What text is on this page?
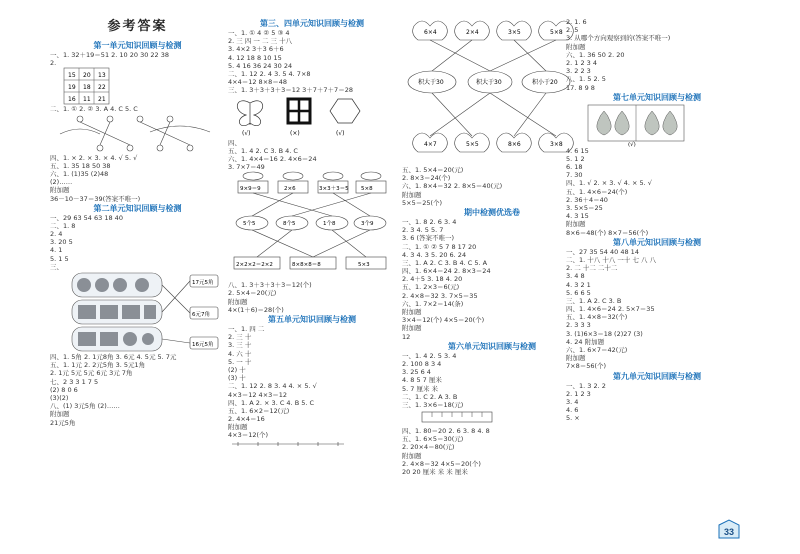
参考答案
第一单元知识回顾与检测
一、1. 32＋19＝51 2. 10 20 30 22 38
2.
15 20 13
19 18 22
16 11 21
二、1. ① 2. ② 3. A 4. C 5. C
四、1. × 2. × 3. × 4. √ 5. √
五、1. 35 18 50 38
六、1. (1)35 (2)48
(2)……
附加题
36－10－37＝39(答案不唯一)
第二单元知识回顾与检测
一、29 63 54 63 18 40
二、1. 8
2. 4
3. 20 5
4. 1
5. 1 5
三、
17元5角
6元7角
16元5角
四、1. 5角 2. 1元8角 3. 6元 4. 5元 5. 7元
五、1. 1元 2. 2元5角 3. 5元1角
2. 1元 5元 5元 6元 3元 7角
七、2 3 3 1 7 5
(2) 8 0 6
(3)(2)
八、(1) 3元5角 (2)……
附加题
21元5角
第三、四单元知识回顾与检测
一、1. ① 4 ② 5 ③ 4
2. 三 四 一 二 三 十八
3. 4×2 3＋3 6＋6
4. 12 18 8 10 15
5. 4 16 36 24 30 24
二、1. 12 2. 4 3. 5 4. 7×8
4×4＝12 8×8＝48
三、1. 3＋3＋3＋3＝12 3＋7＋7＋7＝28
(√)	(×)	(√)
四、
五、1. 4 2. C 3. B 4. C
六、1. 4×4＝16 2. 4×6＝24
3. 7×7＝49
9×9＝9	2×6	3×3＋3＝5 5×8
5个5	8个5	1个8	3个9
2×2×2＝2×2	8×8×8＝8	5×3
八、1. 3＋3＋3＋3＝12(个)
2. 5×4＝20(元)
附加题
4×(1＋6)＝28(个)
第五单元知识回顾与检测
一、1. 四 二
2. 三 十
3. 三 十
4. 六 十
5. 一 十
(2) 十
(3) 十
二、1. 12 2. 8 3. 4 4. × 5. √
4×3＝12 4×3＝12
四、1. A 2. × 3. C 4. B 5. C
五、1. 6×2＝12(元)
2. 4×4＝16
附加题
4×3＝12(个)
6×4	2×4	3×5	5×8
积大于30	积大于30	积小于20
4×7	5×5	8×6	3×8
五、1. 5×4＝20(元)
2. 8×3＝24(个)
六、1. 8×4＝32 2. 8×5＝40(元)
附加题
5×5＝25(个)
期中检测优选卷
一、1. 8 2. 6 3. 4
2. 3 4. 5 5. 7
3. 6 (答案不唯一)
二、1. ① ② 5 7 8 17 20
4. 3 4. 3 5. 20 6. 24
三、1. A 2. C 3. B 4. C 5. A
四、1. 6×4＝24 2. 8×3＝24
2. 4＋5 3. 18 4. 20
五、1. 2×3＝6(元)
2. 4×8＝32 3. 7×5＝35
六、1. 7×2＝14(条)
附加题
3×4＝12(个) 4×5＝20(个)
附加题
12
第六单元知识回顾与检测
一、1. 4 2. 5 3. 4
2. 100 8 3 4
3. 25 6 4
4. 8 5 7 厘米
5. 7 厘米 米
二、1. C 2. A 3. B
三、1. 3×6＝18(元)
四、1. 80＝20 2. 6 3. 8 4. 8
五、1. 6×5＝30(元)
2. 20×4＝80(元)
附加题
2. 4×8＝32 4×5＝20(个)
20 20 厘米 米 米 厘米
2. 1. 6
2. 5
3. 从哪个方向观察到的(答案不唯一)
附加题
六、1. 36 50 2. 20
2. 1 2 3 4
3. 2 2 3
八、1. 5 2. 5
17. 8 9 8
第七单元知识回顾与检测
(√)
4. 6 15
5. 1 2
6. 18
7. 30
四、1. √ 2. × 3. √ 4. × 5. √
五、1. 4×6＝24(个)
2. 36＋4＝40
3. 5×5＝25
4. 3 15
附加题
8×6＝48(个) 8×7＝56(个)
第八单元知识回顾与检测
一、27 35 54 40 48 14
二、1. 十八 十八 一十 七 八 八
2. 二 十二 二十二
3. 4 8
4. 3 2 1
5. 6 6 5
三、1. A 2. C 3. B
四、1. 4×6＝24 2. 5×7＝35
五、1. 4×8＝32(个)
2. 3 3 3
3. (1)6×3＝18 (2)27 (3)
4. 24 附加题
六、1. 6×7＝42(元)
附加题
7×8＝56(个)
第九单元知识回顾与检测
一、1. 3 2. 2
2. 1 2 3
3. 4
4. 6
5. ×
33
